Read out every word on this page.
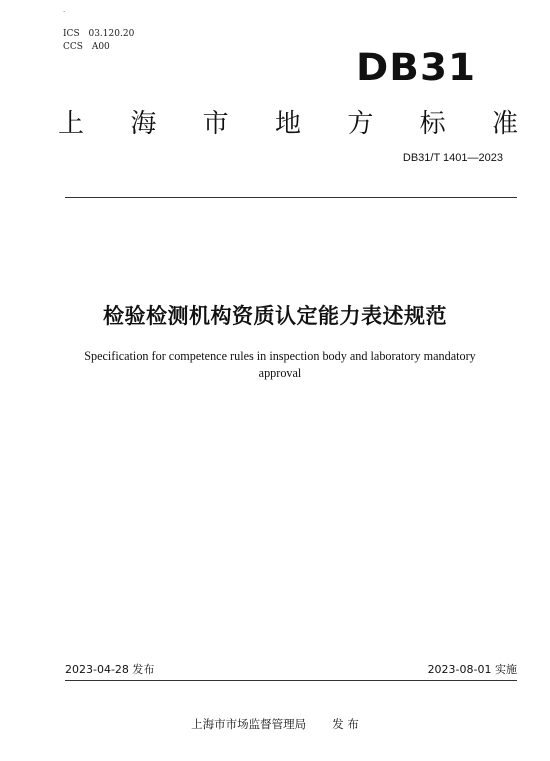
.
ICS 03.120.20
CCS A00	DB31
上 海 市 地 方 标 准
DB31/T 1401—2023
检验检测机构资质认定能力表述规范
Specification for competence rules in inspection body and laboratory mandatory approval
2023-04-28 发布	2023-08-01 实施
上海市市场监督管理局 发 布
